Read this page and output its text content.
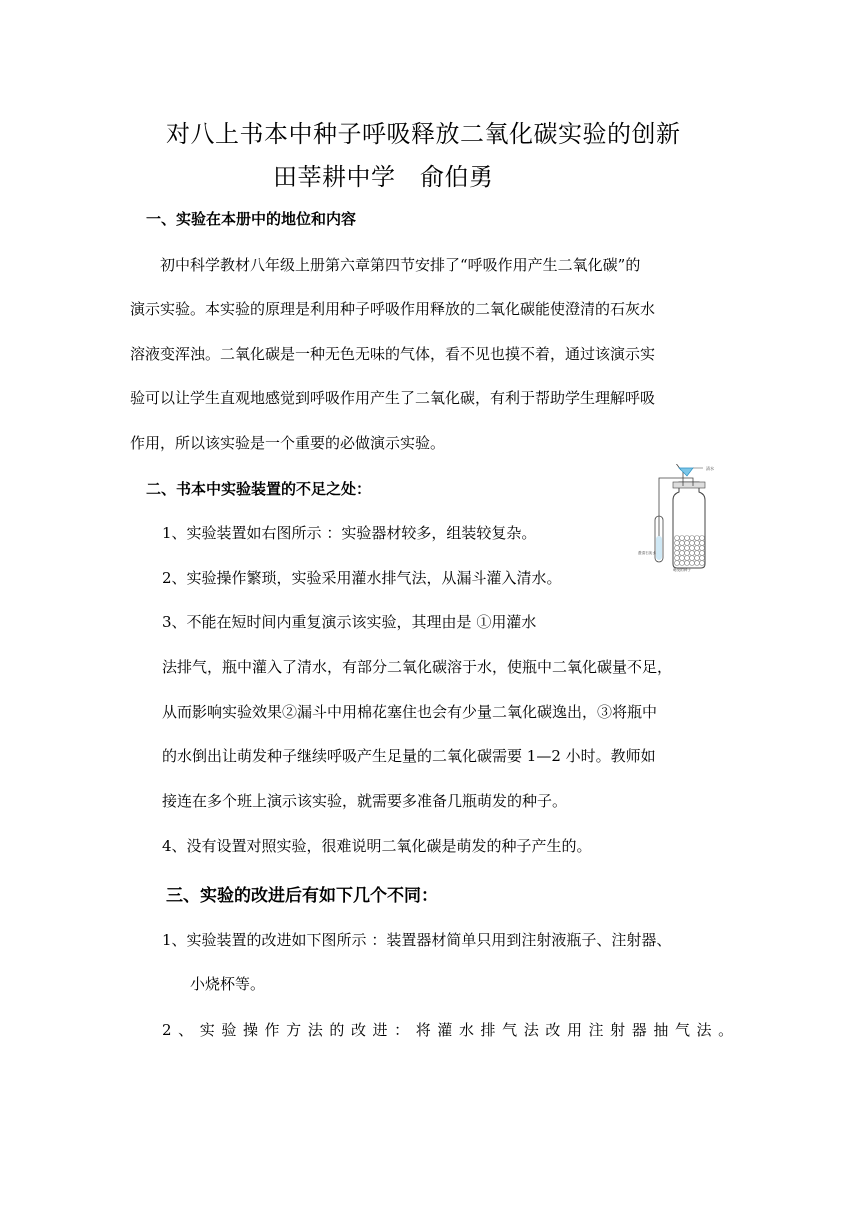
对八上书本中种子呼吸释放二氧化碳实验的创新
田莘耕中学　俞伯勇
一、实验在本册中的地位和内容
初中科学教材八年级上册第六章第四节安排了“呼吸作用产生二氧化碳”的
演示实验。本实验的原理是利用种子呼吸作用释放的二氧化碳能使澄清的石灰水
溶液变浑浊。二氧化碳是一种无色无味的气体，看不见也摸不着，通过该演示实
验可以让学生直观地感觉到呼吸作用产生了二氧化碳，有利于帮助学生理解呼吸
作用，所以该实验是一个重要的必做演示实验。
二、书本中实验装置的不足之处：
1、实验装置如右图所示 ：实验器材较多，组装较复杂。
2、实验操作繁琐，实验采用灌水排气法，从漏斗灌入清水。
3、不能在短时间内重复演示该实验，其理由是 ①用灌水
法排气，瓶中灌入了清水，有部分二氧化碳溶于水，使瓶中二氧化碳量不足，
从而影响实验效果②漏斗中用棉花塞住也会有少量二氧化碳逸出，③将瓶中
的水倒出让萌发种子继续呼吸产生足量的二氧化碳需要 1—2 小时。教师如
接连在多个班上演示该实验，就需要多准备几瓶萌发的种子。
4、没有设置对照实验，很难说明二氧化碳是萌发的种子产生的。
清水
澄清石灰水
萌发的种子
三、实验的改进后有如下几个不同：
1、实验装置的改进如下图所示 ：装置器材简单只用到注射液瓶子、注射器、
小烧杯等。
2、实验操作方法的改进：将灌水排气法改用注射器抽气法。
